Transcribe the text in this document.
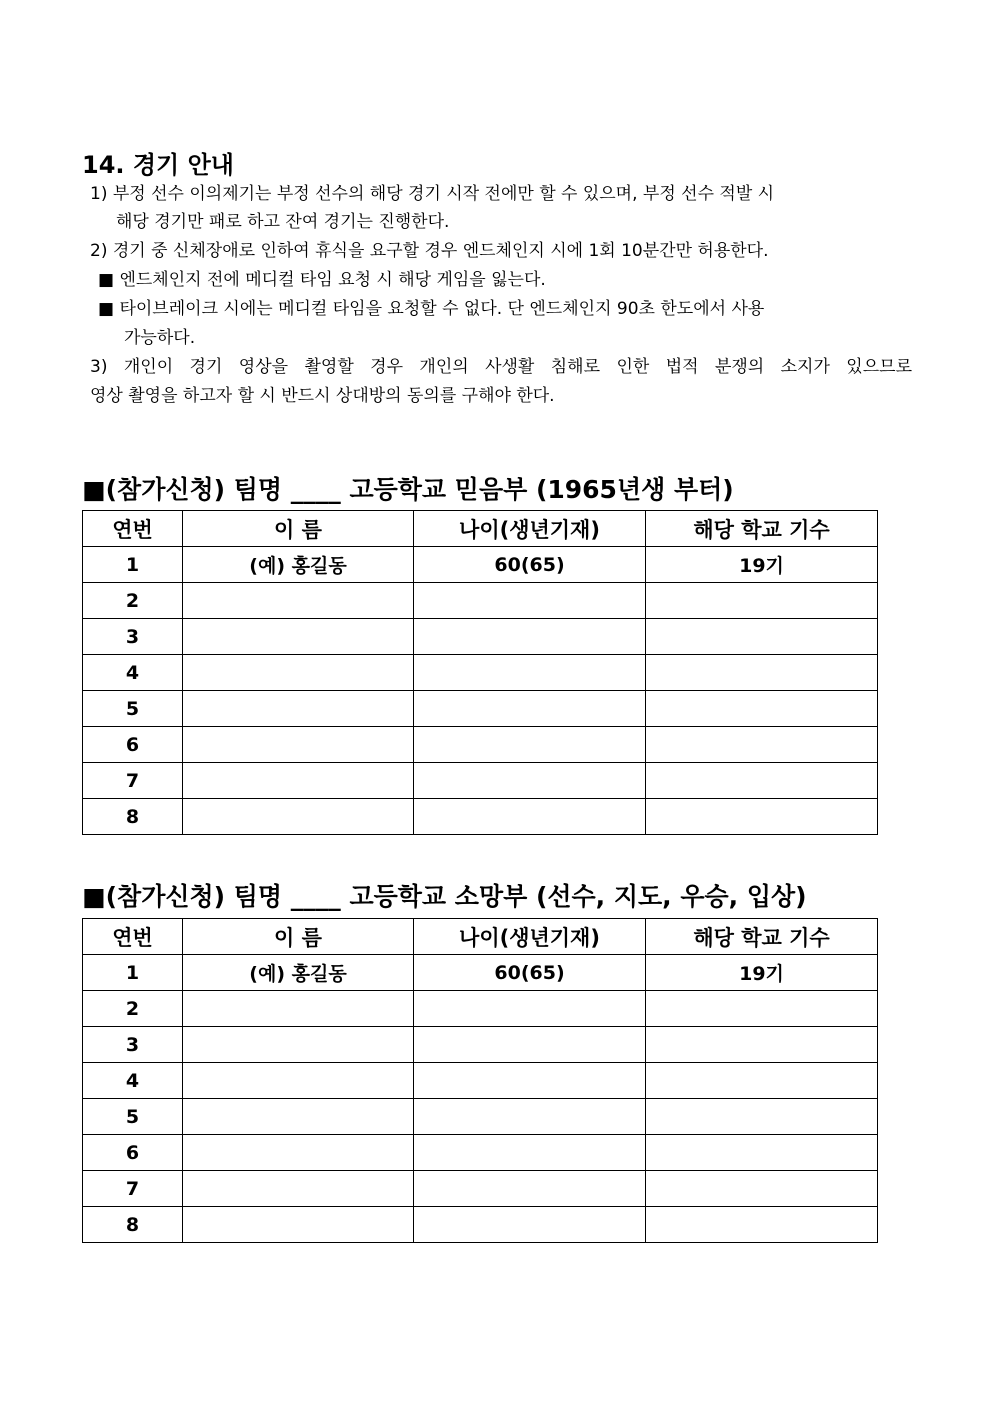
14. 경기 안내

1) 부정 선수 이의제기는 부정 선수의 해당 경기 시작 전에만 할 수 있으며, 부정 선수 적발 시

해당 경기만 패로 하고 잔여 경기는 진행한다.

2) 경기 중 신체장애로 인하여 휴식을 요구할 경우 엔드체인지 시에 1회 10분간만 허용한다.

■ 엔드체인지 전에 메디컬 타임 요청 시 해당 게임을 잃는다.

■ 타이브레이크 시에는 메디컬 타임을 요청할 수 없다. 단 엔드체인지 90초 한도에서 사용

가능하다.

3) 개인이 경기 영상을 촬영할 경우 개인의 사생활 침해로 인한 법적 분쟁의 소지가 있으므로

영상 촬영을 하고자 할 시 반드시 상대방의 동의를 구해야 한다.

■(참가신청) 팀명 ____ 고등학교 믿음부 (1965년생 부터)
연번	이 름	나이(생년기재)	해당 학교 기수
1	(예) 홍길동	60(65)	19기
2			
3			
4			
5			
6			
7			
8			
■(참가신청) 팀명 ____ 고등학교 소망부 (선수, 지도, 우승, 입상)
연번	이 름	나이(생년기재)	해당 학교 기수
1	(예) 홍길동	60(65)	19기
2			
3			
4			
5			
6			
7			
8			
